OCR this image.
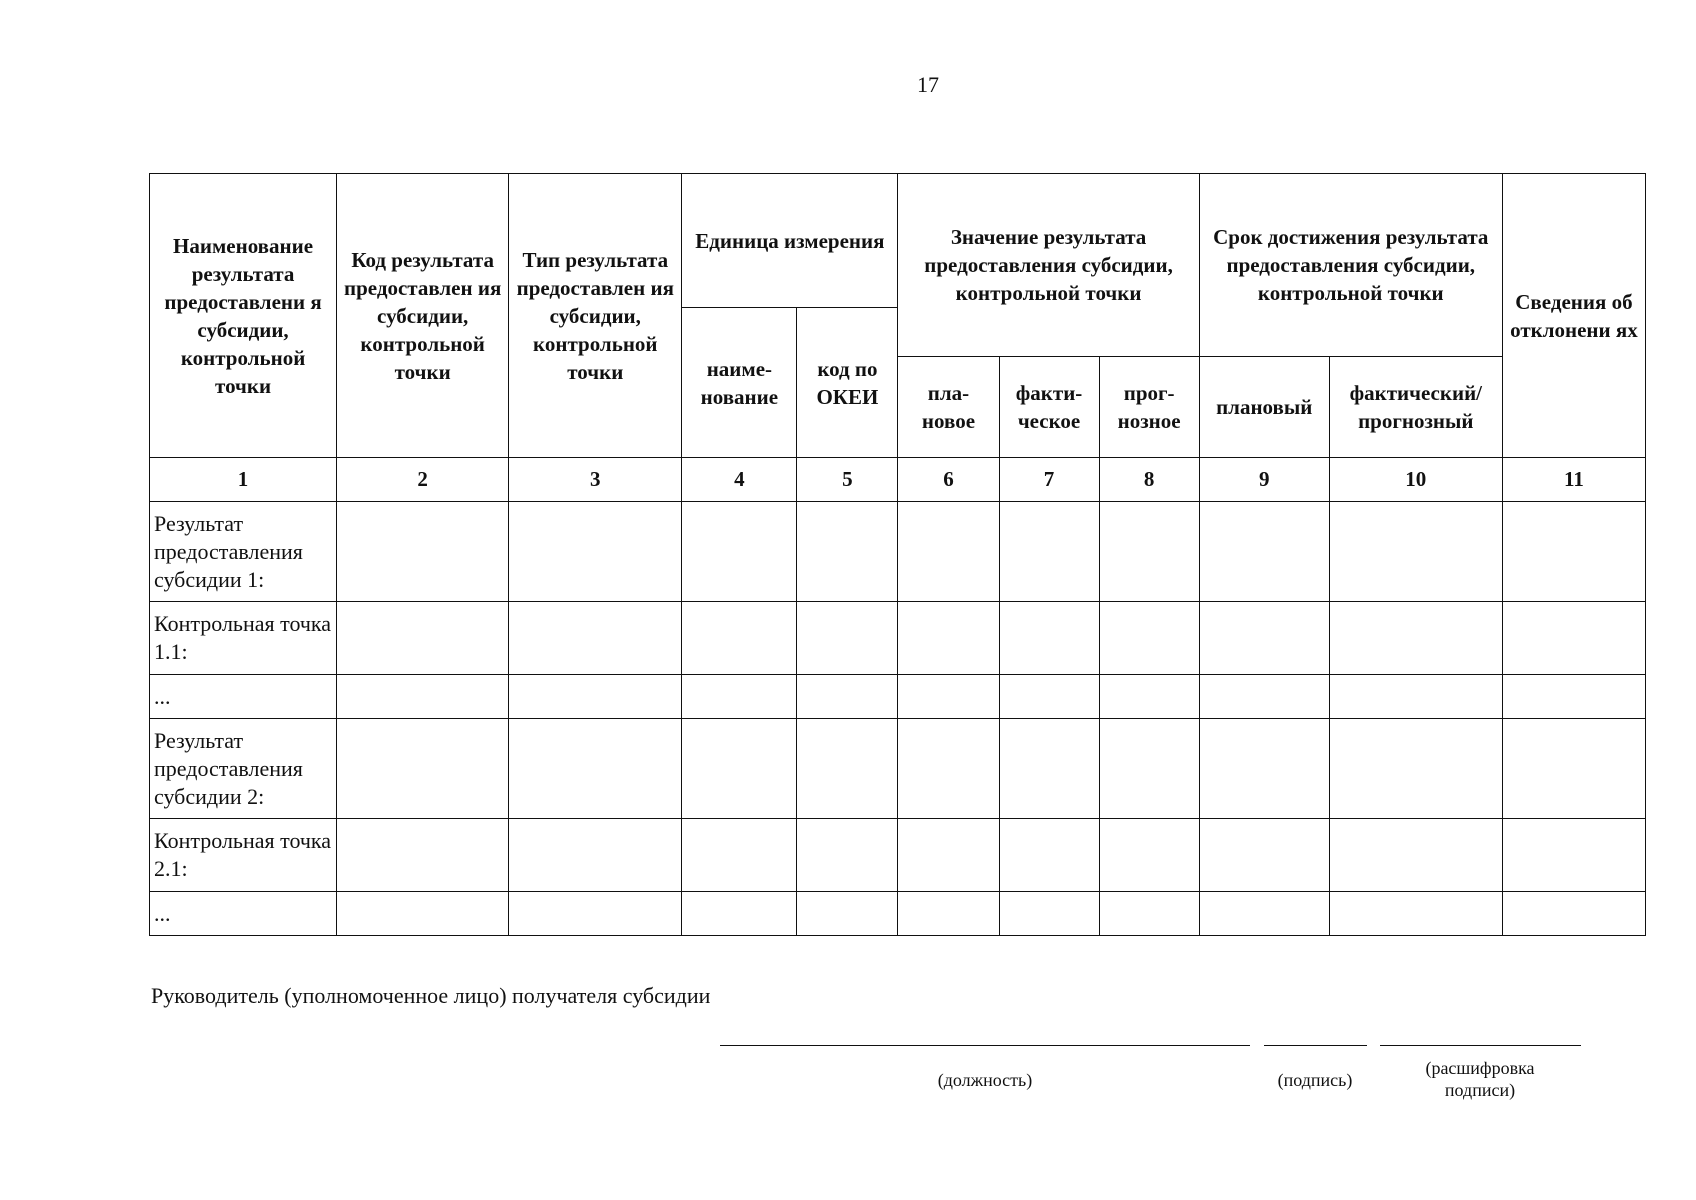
17
Наименование результата предоставлени я субсидии, контрольной точки	Код результата предоставлен ия субсидии, контрольной точки	Тип результата предоставлен ия субсидии, контрольной точки	Единица измерения		Значение результата предоставления субсидии, контрольной точки			Срок достижения результата предоставления субсидии, контрольной точки		Сведения об отклонени ях
			наиме- нование	код по ОКЕИ						
					пла- новое	факти- ческое	прог- нозное	плановый	фактический/ прогнозный	
1	2	3	4	5	6	7	8	9	10	11
Результат предоставления субсидии 1:										
Контрольная точка 1.1:										
...										
Результат предоставления субсидии 2:										
Контрольная точка 2.1:										
...										
Руководитель (уполномоченное лицо) получателя субсидии
(должность)	(подпись)
(расшифровка подписи)
